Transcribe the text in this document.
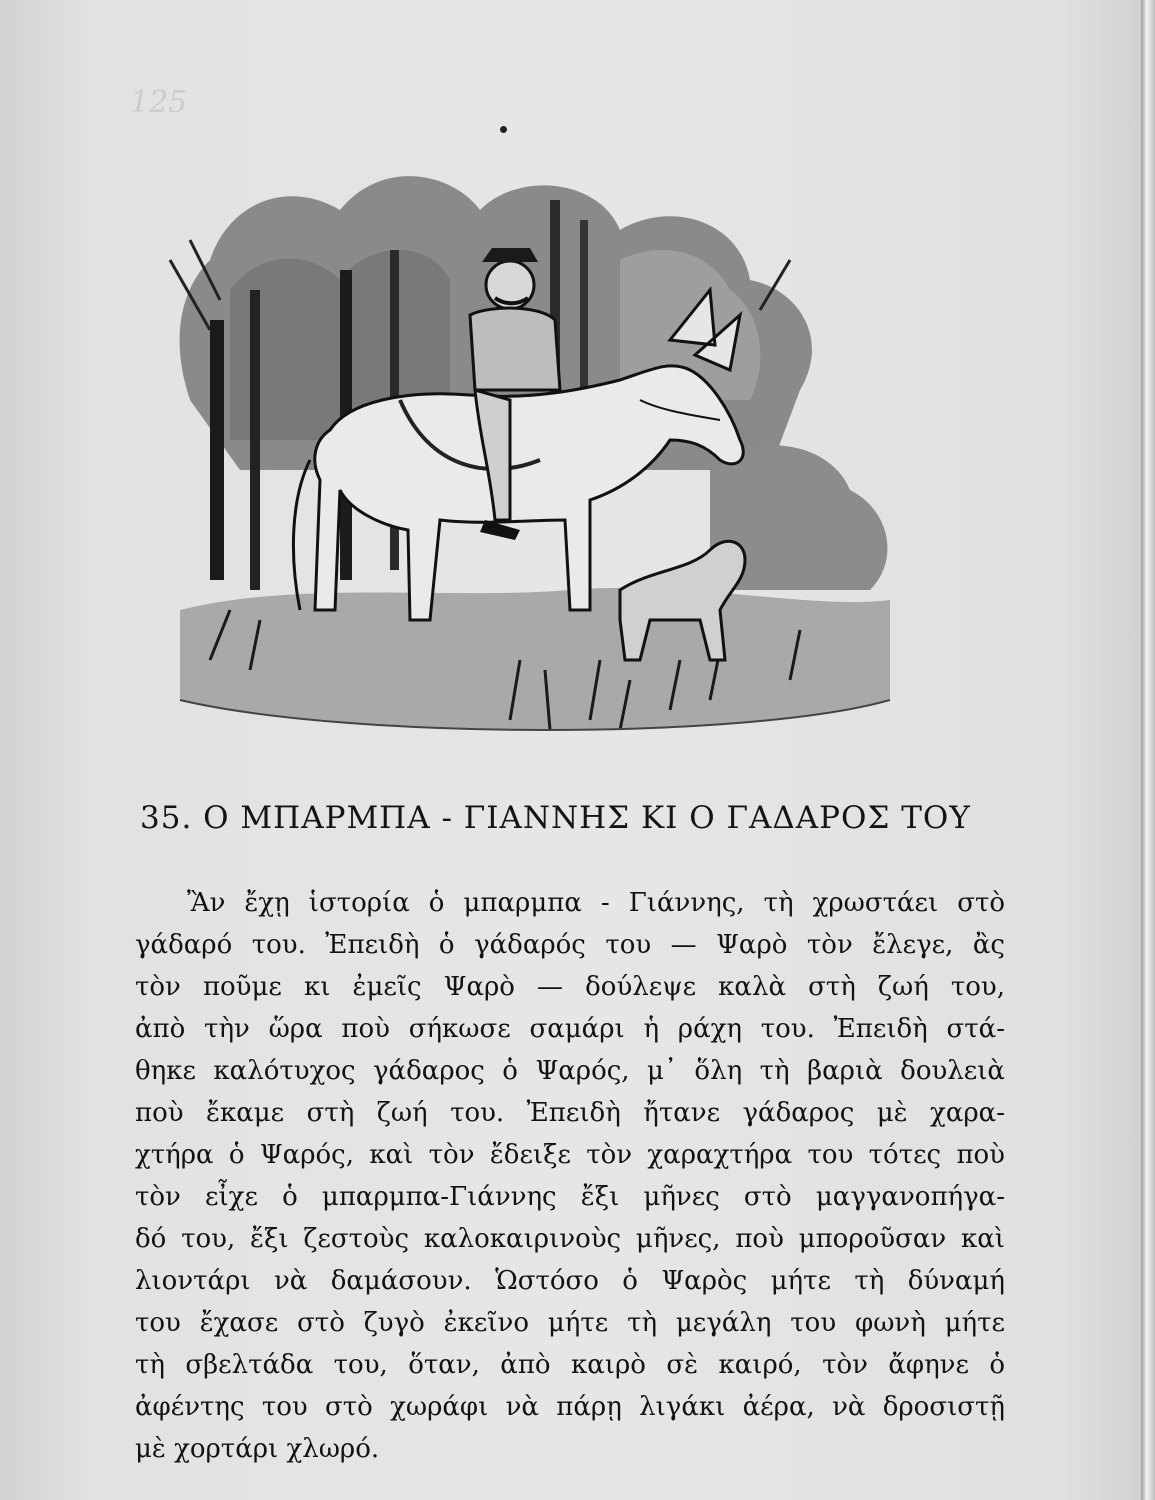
125
35. Ο ΜΠΑΡΜΠΑ - ΓΙΑΝΝΗΣ ΚΙ Ο ΓΑΔΑΡΟΣ ΤΟΥ
Ἂν ἔχῃ ἱστορία ὁ μπαρμπα - Γιάννης, τὴ χρωστάει στὸ
γάδαρό του. Ἐπειδὴ ὁ γάδαρός του — Ψαρὸ τὸν ἔλεγε, ἂς
τὸν ποῦμε κι ἐμεῖς Ψαρὸ — δούλεψε καλὰ στὴ ζωή του,
ἀπὸ τὴν ὥρα ποὺ σήκωσε σαμάρι ἡ ράχη του. Ἐπειδὴ στά-
θηκε καλότυχος γάδαρος ὁ Ψαρός, μ᾽ ὅλη τὴ βαριὰ δουλειὰ
ποὺ ἔκαμε στὴ ζωή του. Ἐπειδὴ ἤτανε γάδαρος μὲ χαρα-
χτήρα ὁ Ψαρός, καὶ τὸν ἔδειξε τὸν χαραχτήρα του τότες ποὺ
τὸν εἶχε ὁ μπαρμπα-Γιάννης ἔξι μῆνες στὸ μαγγανοπήγα-
δό του, ἔξι ζεστοὺς καλοκαιρινοὺς μῆνες, ποὺ μποροῦσαν καὶ
λιοντάρι νὰ δαμάσουν. Ὡστόσο ὁ Ψαρὸς μήτε τὴ δύναμή
του ἔχασε στὸ ζυγὸ ἐκεῖνο μήτε τὴ μεγάλη του φωνὴ μήτε
τὴ σβελτάδα του, ὅταν, ἀπὸ καιρὸ σὲ καιρό, τὸν ἄφηνε ὁ
ἀφέντης του στὸ χωράφι νὰ πάρῃ λιγάκι ἀέρα, νὰ δροσιστῇ
μὲ χορτάρι χλωρό.
